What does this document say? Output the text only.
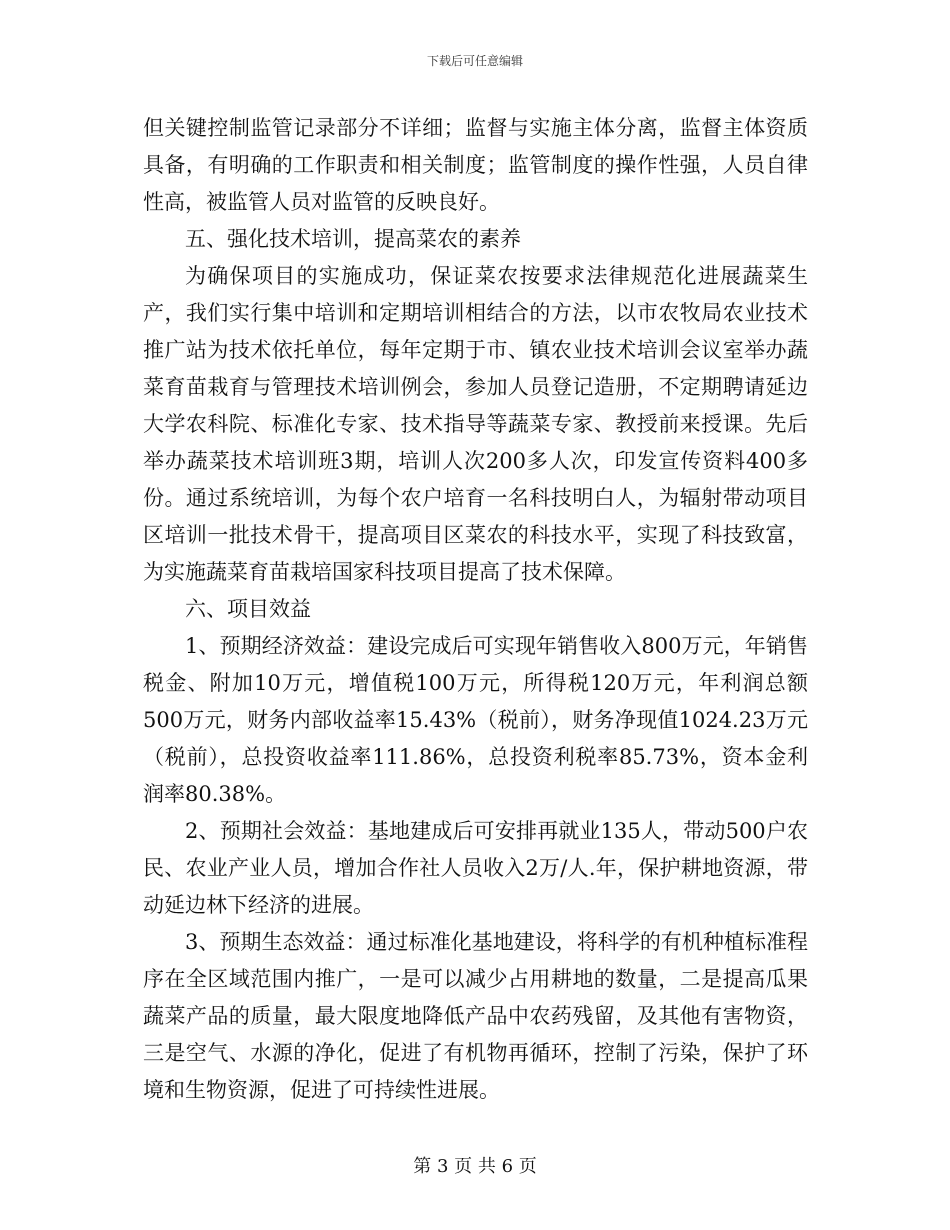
下载后可任意编辑

但关键控制监管记录部分不详细；监督与实施主体分离，监督主体资质具备，有明确的工作职责和相关制度；监管制度的操作性强，人员自律性高，被监管人员对监管的反映良好。

五、强化技术培训，提高菜农的素养

为确保项目的实施成功，保证菜农按要求法律规范化进展蔬菜生产，我们实行集中培训和定期培训相结合的方法，以市农牧局农业技术推广站为技术依托单位，每年定期于市、镇农业技术培训会议室举办蔬菜育苗栽育与管理技术培训例会，参加人员登记造册，不定期聘请延边大学农科院、标准化专家、技术指导等蔬菜专家、教授前来授课。先后举办蔬菜技术培训班3期，培训人次200多人次，印发宣传资料400多份。通过系统培训，为每个农户培育一名科技明白人，为辐射带动项目区培训一批技术骨干，提高项目区菜农的科技水平，实现了科技致富，为实施蔬菜育苗栽培国家科技项目提高了技术保障。

六、项目效益

1、预期经济效益：建设完成后可实现年销售收入800万元，年销售税金、附加10万元，增值税100万元，所得税120万元，年利润总额500万元，财务内部收益率15.43%（税前），财务净现值1024.23万元（税前），总投资收益率111.86%，总投资利税率85.73%，资本金利润率80.38%。

2、预期社会效益：基地建成后可安排再就业135人，带动500户农民、农业产业人员，增加合作社人员收入2万/人.年，保护耕地资源，带动延边林下经济的进展。

3、预期生态效益：通过标准化基地建设，将科学的有机种植标准程序在全区域范围内推广，一是可以减少占用耕地的数量，二是提高瓜果蔬菜产品的质量，最大限度地降低产品中农药残留，及其他有害物资，三是空气、水源的净化，促进了有机物再循环，控制了污染，保护了环境和生物资源，促进了可持续性进展。

第 3 页 共 6 页
